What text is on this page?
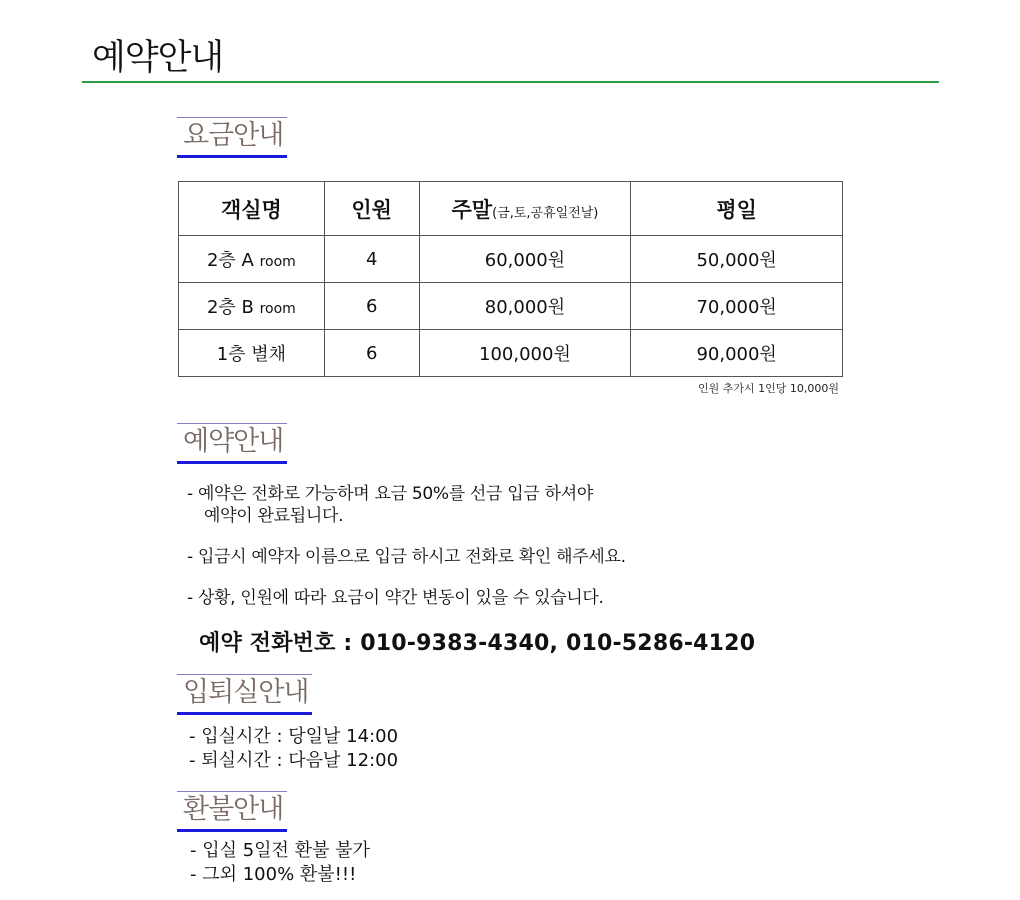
예약안내
요금안내
객실명	인원	주말(금,토,공휴일전날)	평일
2층 A room	4	60,000원	50,000원
2층 B room	6	80,000원	70,000원
1층 별채	6	100,000원	90,000원
인원 추가시 1인당 10,000원
예약안내
- 예약은 전화로 가능하며 요금 50%를 선금 입금 하셔야
예약이 완료됩니다.
- 입금시 예약자 이름으로 입금 하시고 전화로 확인 해주세요.
- 상황, 인원에 따라 요금이 약간 변동이 있을 수 있습니다.
예약 전화번호 : 010-9383-4340, 010-5286-4120
입퇴실안내
- 입실시간 : 당일날 14:00
- 퇴실시간 : 다음날 12:00
환불안내
- 입실 5일전 환불 불가
- 그외 100% 환불!!!
